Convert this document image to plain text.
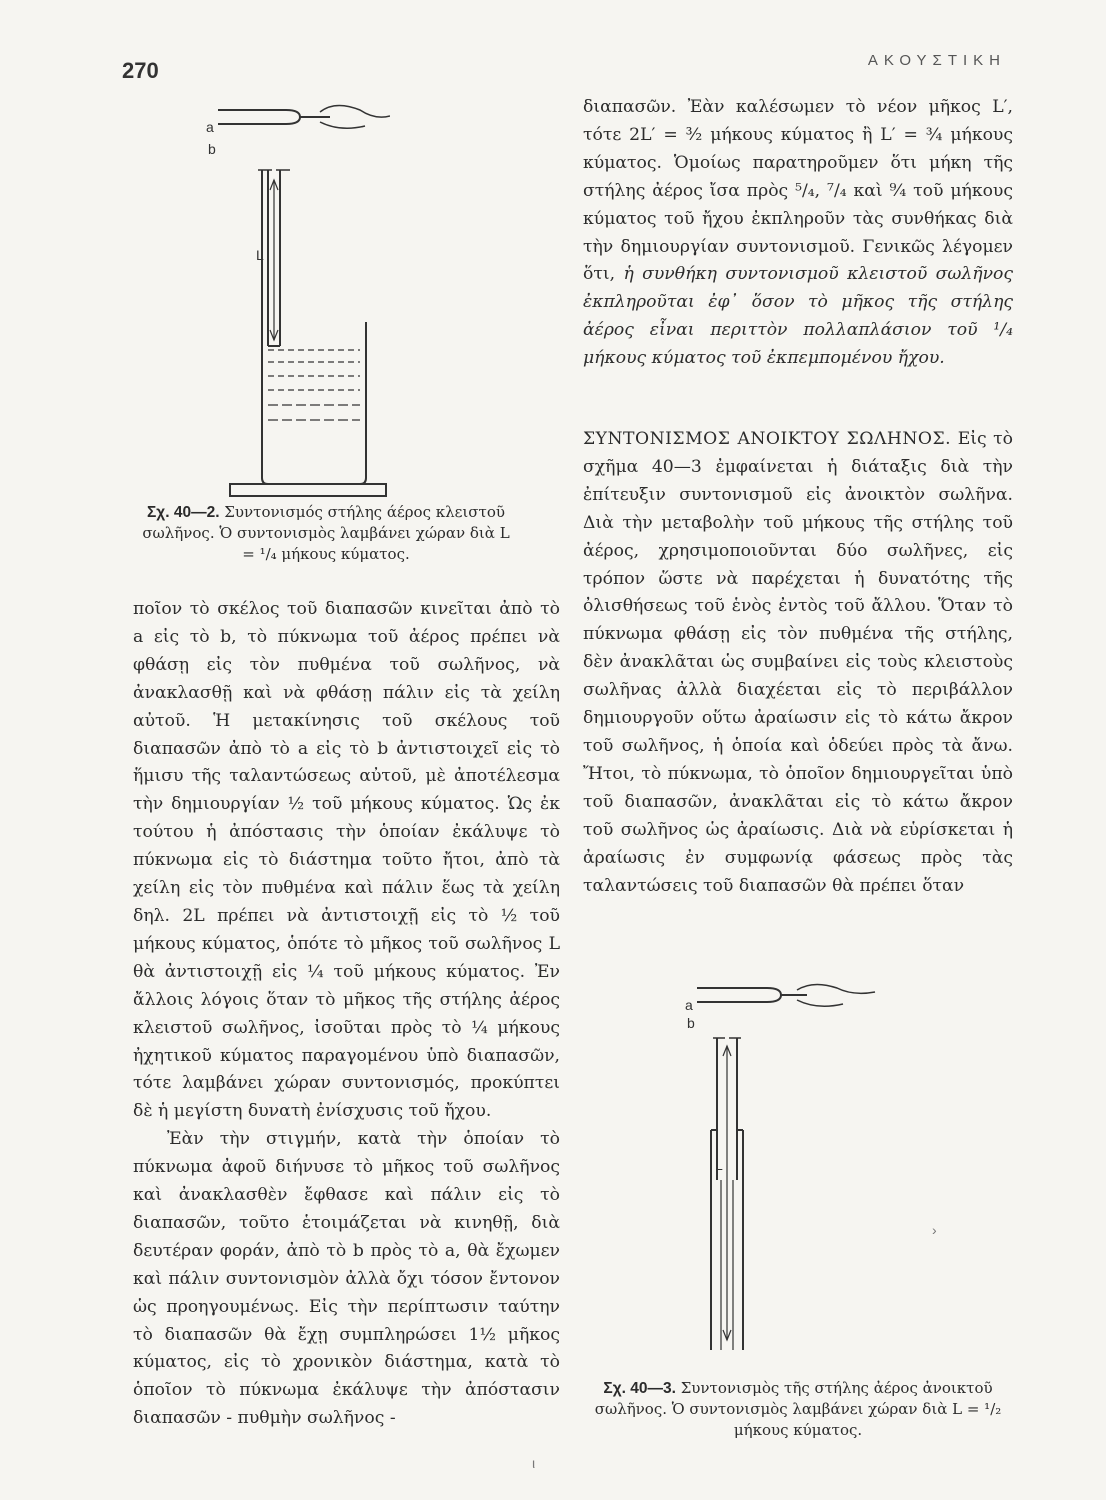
270	ΑΚΟΥΣΤΙΚΗ
a
b
L
Σχ. 40—2. Συντονισμός στήλης άέρος κλειστοῦ σωλῆνος. Ὁ συντονισμὸς λαμβάνει χώραν διὰ L = ¹/₄ μήκους κύματος.

ποῖον τὸ σκέλος τοῦ διαπασῶν κινεῖται ἀπὸ τὸ a εἰς τὸ b, τὸ πύκνωμα τοῦ ἀέρος πρέπει νὰ φθάσῃ εἰς τὸν πυθμένα τοῦ σωλῆνος, νὰ ἀνακλασθῇ καὶ νὰ φθάσῃ πάλιν εἰς τὰ χείλη αὐτοῦ. Ἡ μετακίνησις τοῦ σκέλους τοῦ διαπασῶν ἀπὸ τὸ a εἰς τὸ b ἀντιστοιχεῖ εἰς τὸ ἥμισυ τῆς ταλαντώσεως αὐτοῦ, μὲ ἀποτέλεσμα τὴν δημιουργίαν ½ τοῦ μήκους κύματος. Ὡς ἐκ τούτου ἡ ἀπόστασις τὴν ὁποίαν ἐκάλυψε τὸ πύκνωμα εἰς τὸ διάστημα τοῦτο ἤτοι, ἀπὸ τὰ χείλη εἰς τὸν πυθμένα καὶ πάλιν ἕως τὰ χείλη δηλ. 2L πρέπει νὰ ἀντιστοιχῇ εἰς τὸ ½ τοῦ μήκους κύματος, ὁπότε τὸ μῆκος τοῦ σωλῆνος L θὰ ἀντιστοιχῇ εἰς ¼ τοῦ μήκους κύματος. Ἐν ἄλλοις λόγοις ὅταν τὸ μῆκος τῆς στήλης ἀέρος κλειστοῦ σωλῆνος, ἰσοῦται πρὸς τὸ ¼ μήκους ἠχητικοῦ κύματος παραγομένου ὑπὸ διαπασῶν, τότε λαμβάνει χώραν συντονισμός, προκύπτει δὲ ἡ μεγίστη δυνατὴ ἐνίσχυσις τοῦ ἤχου.

Ἐὰν τὴν στιγμήν, κατὰ τὴν ὁποίαν τὸ πύκνωμα ἀφοῦ διήνυσε τὸ μῆκος τοῦ σωλῆνος καὶ ἀνακλασθὲν ἔφθασε καὶ πάλιν εἰς τὸ διαπασῶν, τοῦτο ἑτοιμάζεται νὰ κινηθῇ, διὰ δευτέραν φοράν, ἀπὸ τὸ b πρὸς τὸ a, θὰ ἔχωμεν καὶ πάλιν συντονισμὸν ἀλλὰ ὄχι τόσον ἔντονον ὡς προηγουμένως. Εἰς τὴν περίπτωσιν ταύτην τὸ διαπασῶν θὰ ἔχῃ συμπληρώσει 1½ μῆκος κύματος, εἰς τὸ χρονικὸν διάστημα, κατὰ τὸ ὁποῖον τὸ πύκνωμα ἐκάλυψε τὴν ἀπόστασιν διαπασῶν - πυθμὴν σωλῆνος -

διαπασῶν. Ἐὰν καλέσωμεν τὸ νέον μῆκος L′, τότε 2L′ = ³⁄₂ μήκους κύματος ἢ L′ = ¾ μήκους κύματος. Ὁμοίως παρατηροῦμεν ὅτι μήκη τῆς στήλης ἀέρος ἴσα πρὸς ⁵/₄, ⁷/₄ καὶ ⁹⁄₄ τοῦ μήκους κύματος τοῦ ἤχου ἐκπληροῦν τὰς συνθήκας διὰ τὴν δημιουργίαν συντονισμοῦ. Γενικῶς λέγομεν ὅτι, ἡ συνθήκη συντονισμοῦ κλειστοῦ σωλῆνος ἐκπληροῦται ἐφ᾽ ὅσον τὸ μῆκος τῆς στήλης ἀέρος εἶναι περιττὸν πολλαπλάσιον τοῦ ¹/₄ μήκους κύματος τοῦ ἐκπεμπομένου ἤχου.

ΣΥΝΤΟΝΙΣΜΟΣ ΑΝΟΙΚΤΟΥ ΣΩΛΗΝΟΣ. Εἰς τὸ σχῆμα 40—3 ἐμφαίνεται ἡ διάταξις διὰ τὴν ἐπίτευξιν συντονισμοῦ εἰς ἀνοικτὸν σωλῆνα. Διὰ τὴν μεταβολὴν τοῦ μήκους τῆς στήλης τοῦ ἀέρος, χρησιμοποιοῦνται δύο σωλῆνες, εἰς τρόπον ὥστε νὰ παρέχεται ἡ δυνατότης τῆς ὀλισθήσεως τοῦ ἑνὸς ἐντὸς τοῦ ἄλλου. Ὅταν τὸ πύκνωμα φθάσῃ εἰς τὸν πυθμένα τῆς στήλης, δὲν ἀνακλᾶται ὡς συμβαίνει εἰς τοὺς κλειστοὺς σωλῆνας ἀλλὰ διαχέεται εἰς τὸ περιβάλλον δημιουργοῦν οὕτω ἀραίωσιν εἰς τὸ κάτω ἄκρον τοῦ σωλῆνος, ἡ ὁποία καὶ ὁδεύει πρὸς τὰ ἄνω. Ἤτοι, τὸ πύκνωμα, τὸ ὁποῖον δημιουργεῖται ὑπὸ τοῦ διαπασῶν, ἀνακλᾶται εἰς τὸ κάτω ἄκρον τοῦ σωλῆνος ὡς ἀραίωσις. Διὰ νὰ εὑρίσκεται ἡ ἀραίωσις ἐν συμφωνίᾳ φάσεως πρὸς τὰς ταλαντώσεις τοῦ διαπασῶν θὰ πρέπει ὅταν

a
b
L
Σχ. 40—3. Συντονισμὸς τῆς στήλης ἀέρος ἀνοικτοῦ σωλῆνος. Ὁ συντονισμὸς λαμβάνει χώραν διὰ L = ¹/₂ μήκους κύματος.
›
ι
